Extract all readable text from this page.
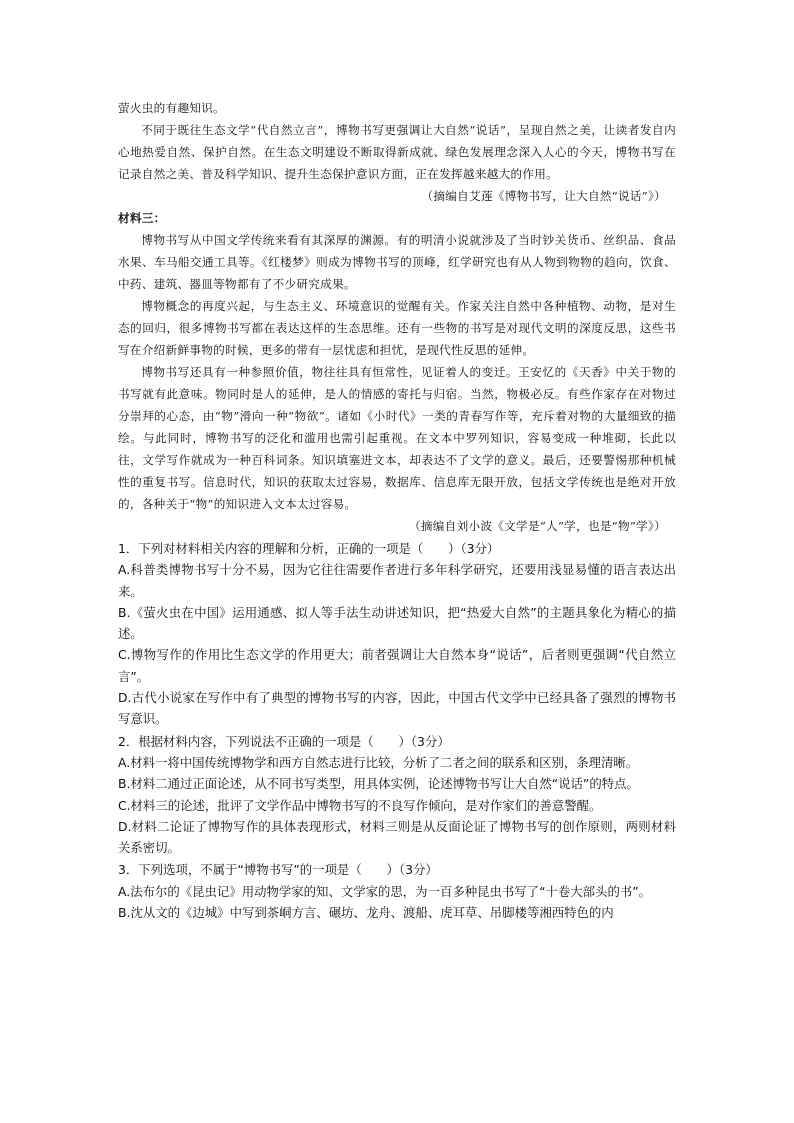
萤火虫的有趣知识。

不同于既往生态文学“代自然立言”，博物书写更强调让大自然“说话”，呈现自然之美，让读者发自内心地热爱自然、保护自然。在生态文明建设不断取得新成就、绿色发展理念深入人心的今天，博物书写在记录自然之美、普及科学知识、提升生态保护意识方面，正在发挥越来越大的作用。

（摘编自艾莲《博物书写，让大自然“说话”》）

材料三：

博物书写从中国文学传统来看有其深厚的渊源。有的明清小说就涉及了当时钞关货币、丝织品、食品水果、车马船交通工具等。《红楼梦》则成为博物书写的顶峰，红学研究也有从人物到物物的趋向，饮食、中药、建筑、器皿等物都有了不少研究成果。

博物概念的再度兴起，与生态主义、环境意识的觉醒有关。作家关注自然中各种植物、动物，是对生态的回归，很多博物书写都在表达这样的生态思维。还有一些物的书写是对现代文明的深度反思，这些书写在介绍新鲜事物的时候，更多的带有一层忧虑和担忧，是现代性反思的延伸。

博物书写还具有一种参照价值，物往往具有恒常性，见证着人的变迁。王安忆的《天香》中关于物的书写就有此意味。物同时是人的延伸，是人的情感的寄托与归宿。当然，物极必反。有些作家存在对物过分崇拜的心态，由“物”滑向一种“物欲”。诸如《小时代》一类的青春写作等，充斥着对物的大量细致的描绘。与此同时，博物书写的泛化和滥用也需引起重视。在文本中罗列知识，容易变成一种堆砌，长此以往，文学写作就成为一种百科词条。知识填塞进文本，却表达不了文学的意义。最后，还要警惕那种机械性的重复书写。信息时代，知识的获取太过容易，数据库、信息库无限开放，包括文学传统也是绝对开放的，各种关于“物”的知识进入文本太过容易。

（摘编自刘小波《文学是“人”学，也是“物”学》）

1．下列对材料相关内容的理解和分析，正确的一项是（　　）（3分）

A.科普类博物书写十分不易，因为它往往需要作者进行多年科学研究，还要用浅显易懂的语言表达出来。

B.《萤火虫在中国》运用通感、拟人等手法生动讲述知识，把“热爱大自然”的主题具象化为精心的描述。

C.博物写作的作用比生态文学的作用更大；前者强调让大自然本身“说话”，后者则更强调“代自然立言”。

D.古代小说家在写作中有了典型的博物书写的内容，因此，中国古代文学中已经具备了强烈的博物书写意识。

2．根据材料内容，下列说法不正确的一项是（　　）（3分）

A.材料一将中国传统博物学和西方自然志进行比较，分析了二者之间的联系和区别，条理清晰。

B.材料二通过正面论述，从不同书写类型，用具体实例，论述博物书写让大自然“说话”的特点。

C.材料三的论述，批评了文学作品中博物书写的不良写作倾向，是对作家们的善意警醒。

D.材料二论证了博物写作的具体表现形式，材料三则是从反面论证了博物书写的创作原则，两则材料关系密切。

3．下列选项，不属于“博物书写”的一项是（　　）（3分）

A.法布尔的《昆虫记》用动物学家的知、文学家的思，为一百多种昆虫书写了“十卷大部头的书”。

B.沈从文的《边城》中写到茶峒方言、碾坊、龙舟、渡船、虎耳草、吊脚楼等湘西特色的内
